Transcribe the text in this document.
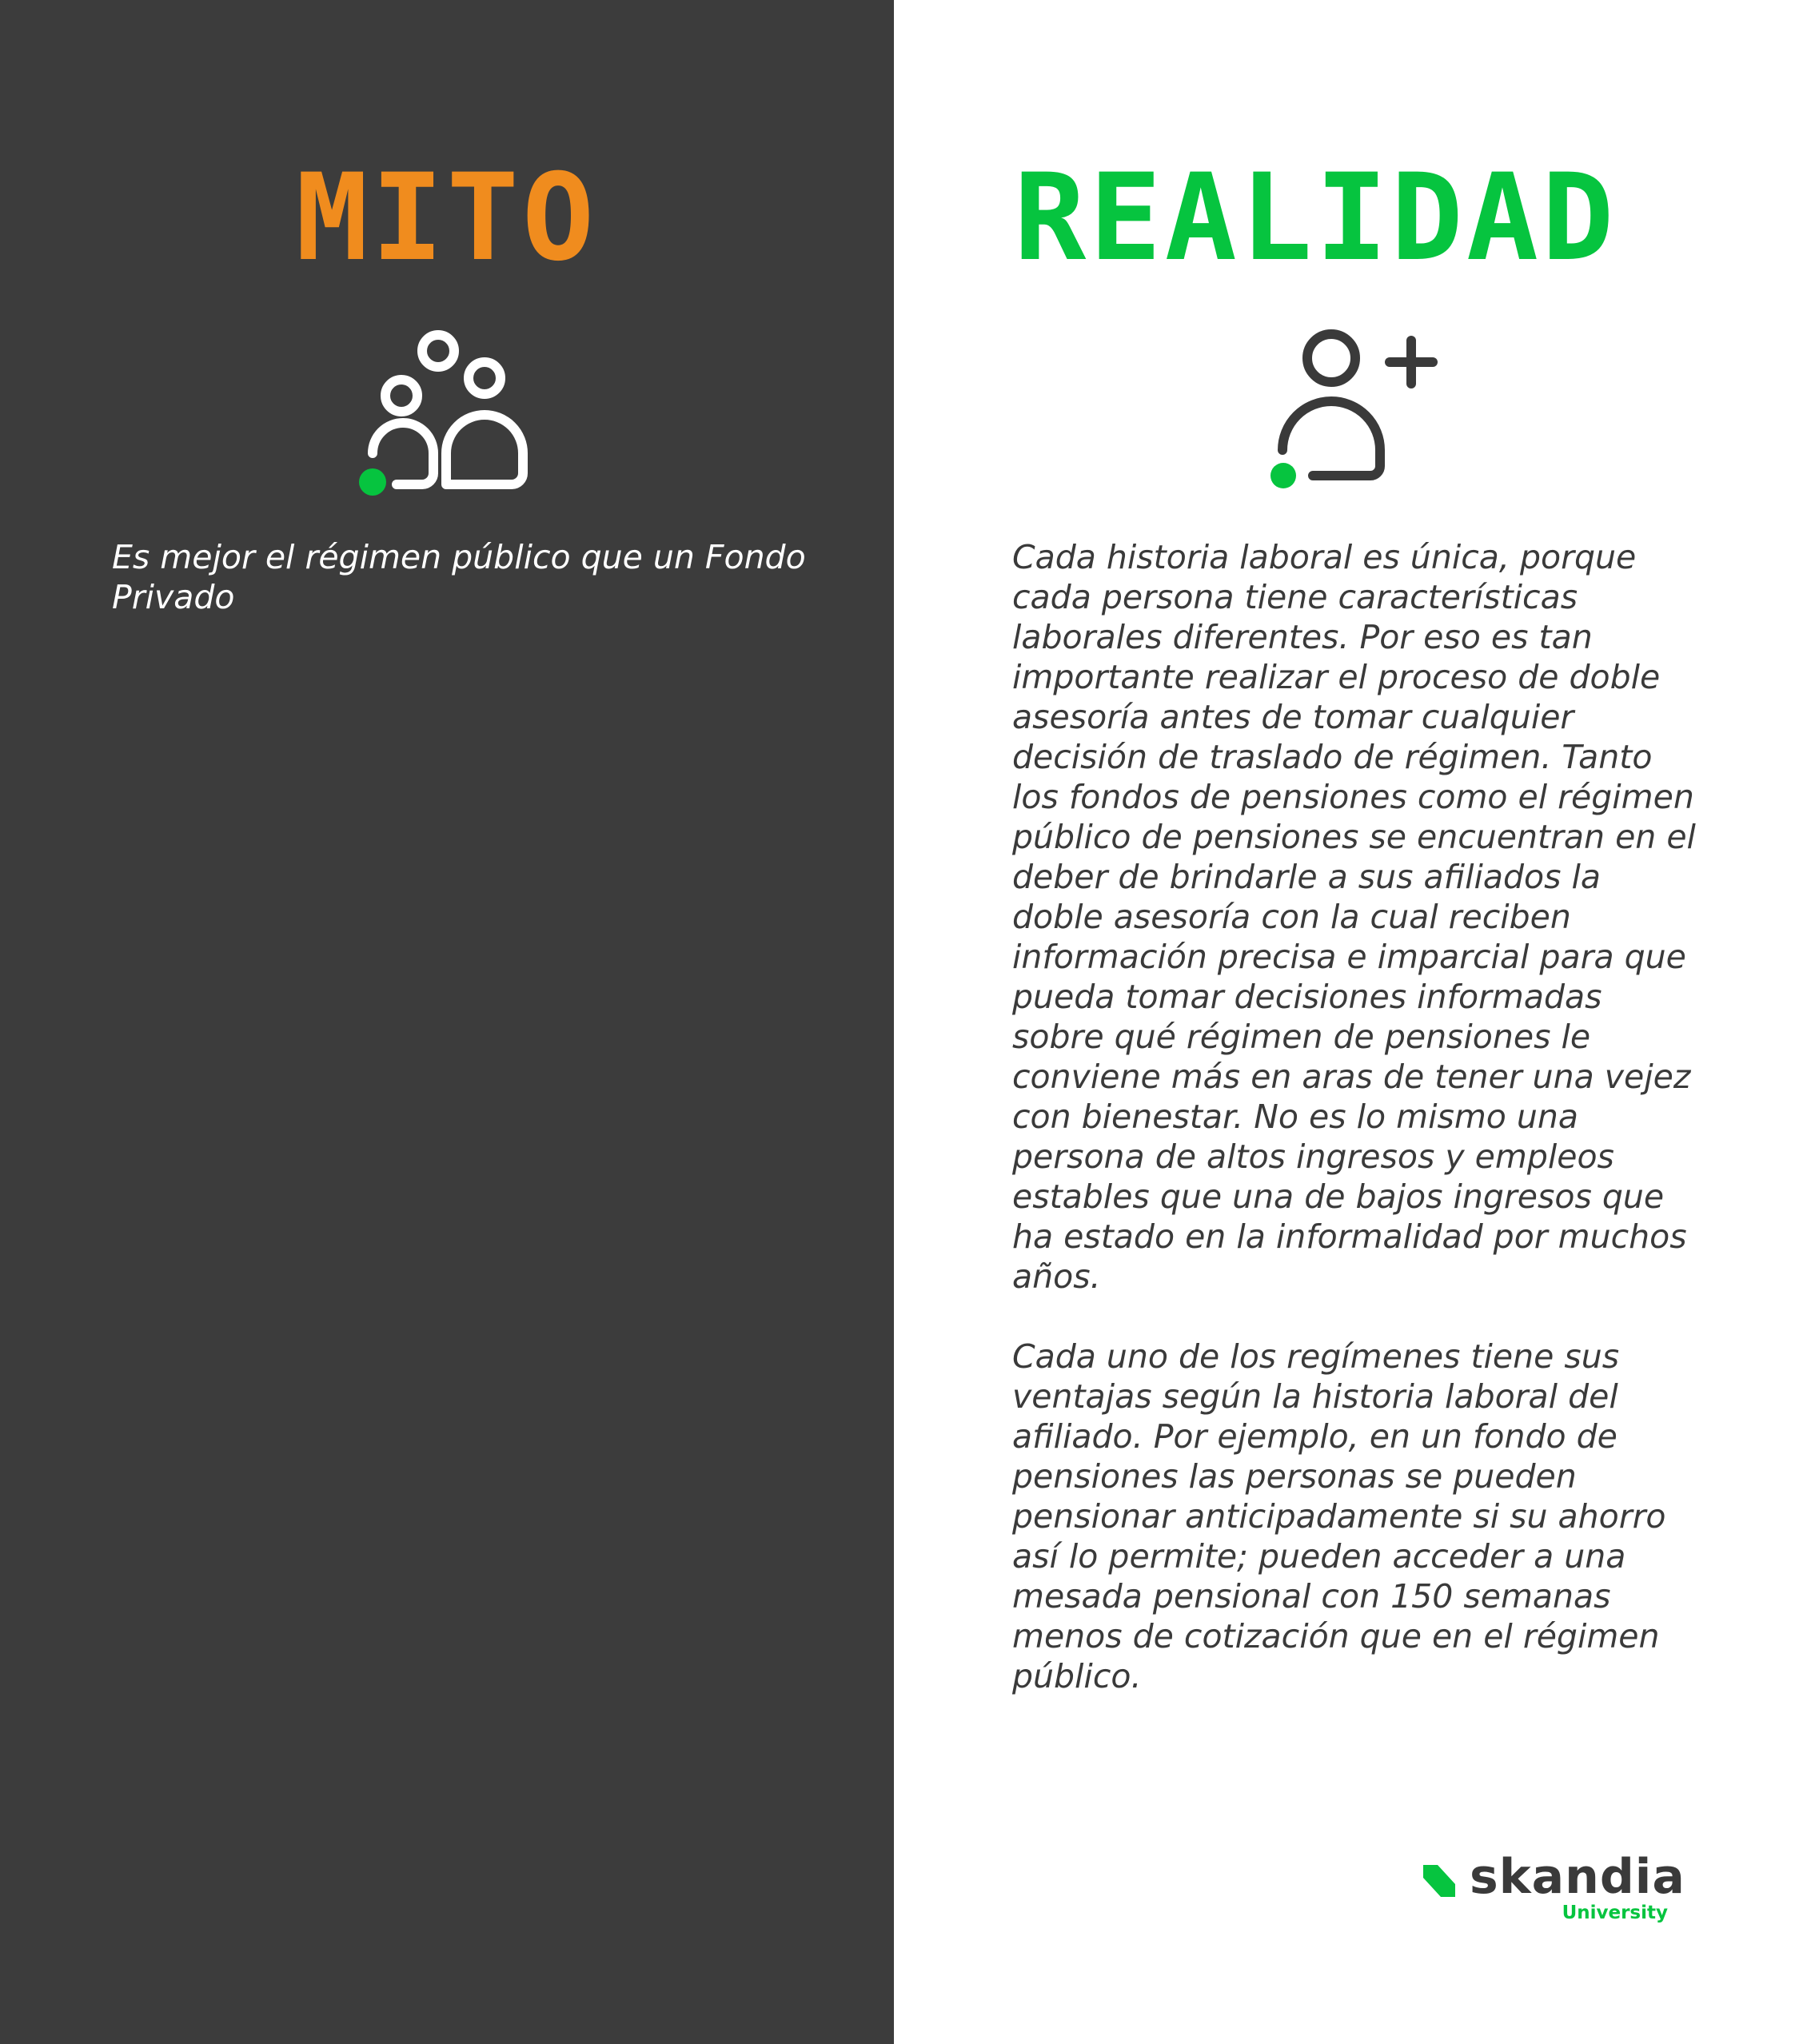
MITO

Es mejor el régimen público que un Fondo Privado

REALIDAD

Cada historia laboral es única, porque cada persona tiene características laborales diferentes. Por eso es tan importante realizar el proceso de doble asesoría antes de tomar cualquier decisión de traslado de régimen. Tanto los fondos de pensiones como el régimen público de pensiones se encuentran en el deber de brindarle a sus afiliados la doble asesoría con la cual reciben información precisa e imparcial para que pueda tomar decisiones informadas sobre qué régimen de pensiones le conviene más en aras de tener una vejez con bienestar. No es lo mismo una persona de altos ingresos y empleos estables que una de bajos ingresos que ha estado en la informalidad por muchos años.

Cada uno de los regímenes tiene sus ventajas según la historia laboral del afiliado. Por ejemplo, en un fondo de pensiones las personas se pueden pensionar anticipadamente si su ahorro así lo permite; pueden acceder a una mesada pensional con 150 semanas menos de cotización que en el régimen público.

skandia
University
